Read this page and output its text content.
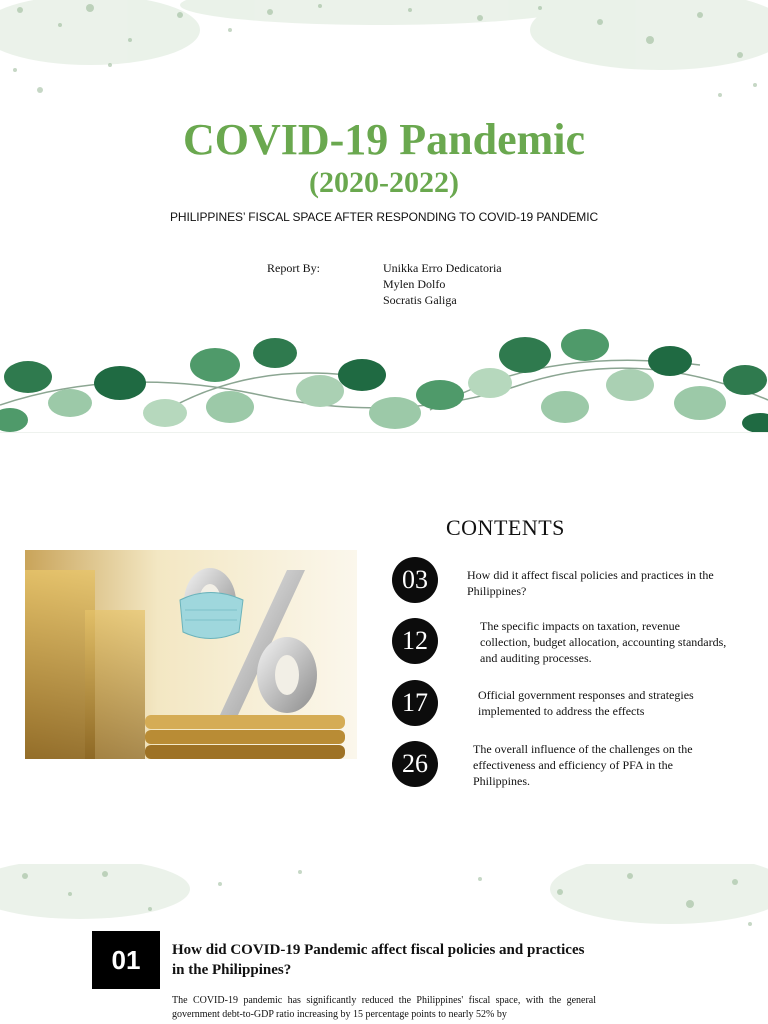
COVID-19 Pandemic
(2020-2022)
PHILIPPINES’ FISCAL SPACE AFTER RESPONDING TO COVID-19 PANDEMIC
Report By:	Unikka Erro Dedicatoria
Mylen Dolfo
Socratis Galiga
CONTENTS
03	How did it affect fiscal policies and practices in the Philippines?
12	The specific impacts on taxation, revenue collection, budget allocation, accounting standards, and auditing processes.
17	Official government responses and strategies implemented to address the effects
26	The overall influence of the challenges on the effectiveness and efficiency of PFA in the Philippines.
01	How did COVID-19 Pandemic affect fiscal policies and practices in the Philippines?
The COVID-19 pandemic has significantly reduced the Philippines' fiscal space, with the general government debt-to-GDP ratio increasing by 15 percentage points to nearly 52% by
